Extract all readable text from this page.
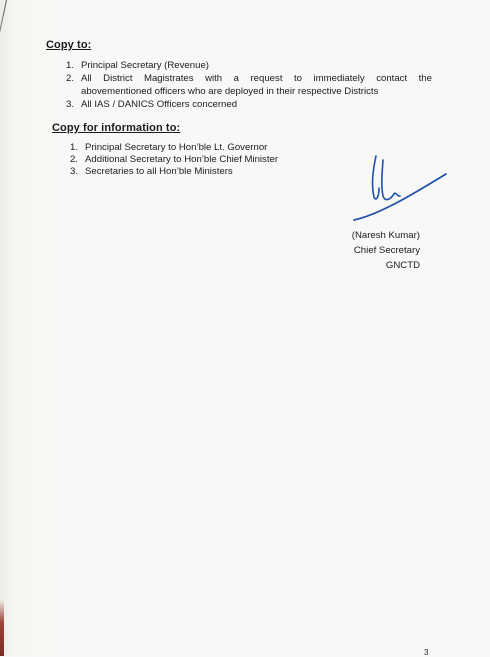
Copy to:
1. Principal Secretary (Revenue)
2. All District Magistrates with a request to immediately contact the
abovementioned officers who are deployed in their respective Districts
3. All IAS / DANICS Officers concerned
Copy for information to:
1. Principal Secretary to Hon’ble Lt. Governor
2. Additional Secretary to Hon’ble Chief Minister
3. Secretaries to all Hon’ble Ministers
(Naresh Kumar)
Chief Secretary
GNCTD
3
